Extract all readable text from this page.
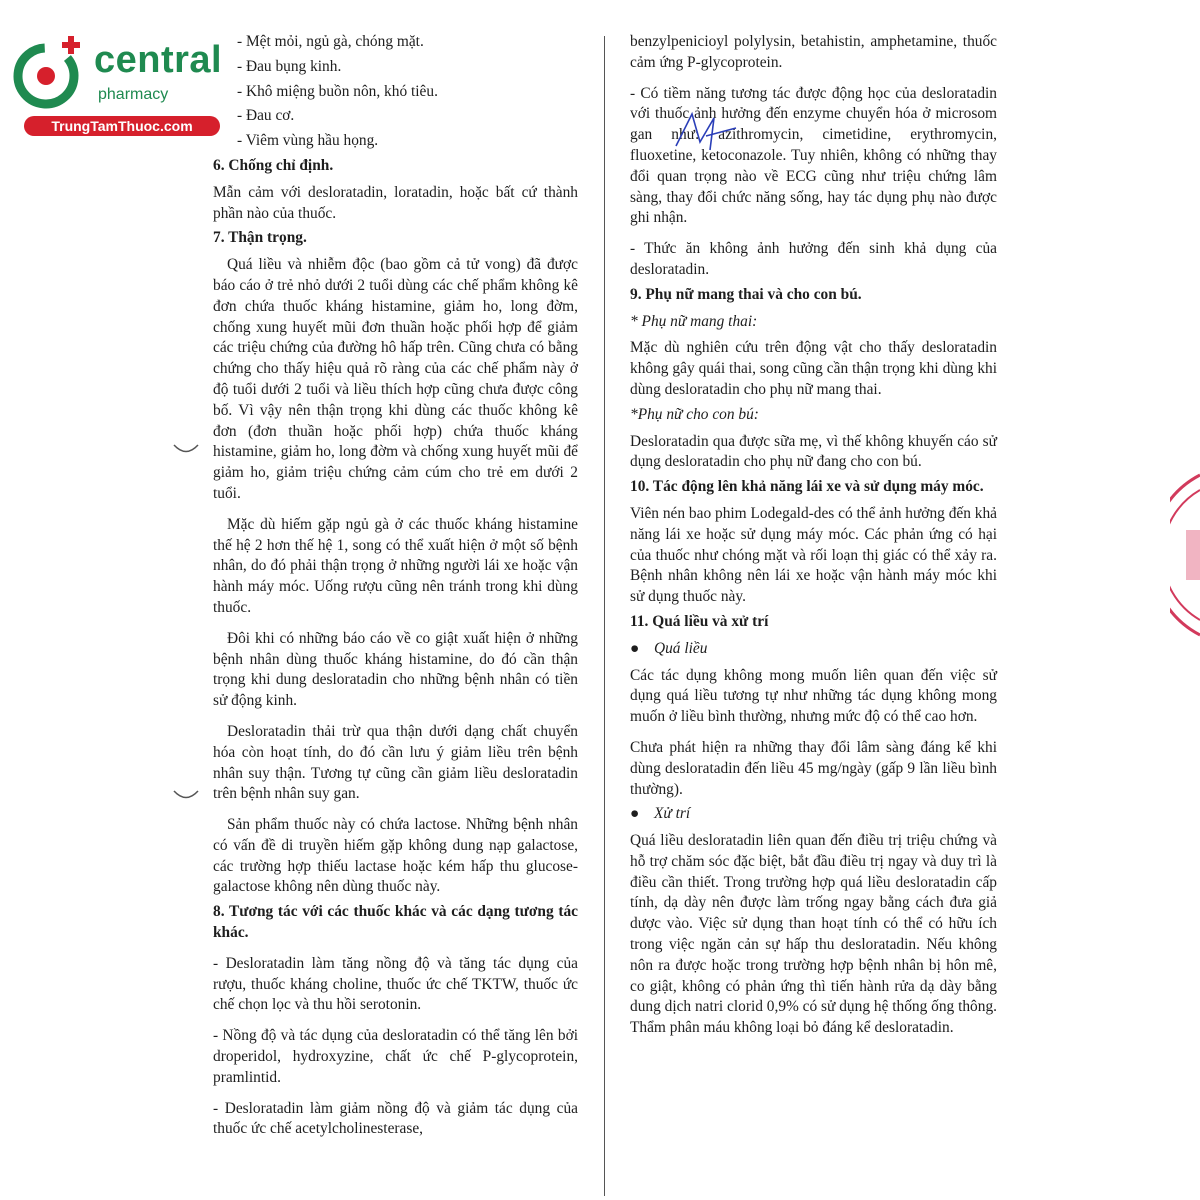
central
pharmacy
TrungTamThuoc.com
- Mệt mỏi, ngủ gà, chóng mặt.
- Đau bụng kinh.
- Khô miệng buồn nôn, khó tiêu.
- Đau cơ.
- Viêm vùng hầu họng.
6. Chống chỉ định.
Mẫn cảm với desloratadin, loratadin, hoặc bất cứ thành phần nào của thuốc.
7. Thận trọng.
Quá liều và nhiễm độc (bao gồm cả tử vong) đã được báo cáo ở trẻ nhỏ dưới 2 tuổi dùng các chế phẩm không kê đơn chứa thuốc kháng histamine, giảm ho, long đờm, chống xung huyết mũi đơn thuần hoặc phối hợp để giảm các triệu chứng của đường hô hấp trên. Cũng chưa có bằng chứng cho thấy hiệu quả rõ ràng của các chế phẩm này ở độ tuổi dưới 2 tuổi và liều thích hợp cũng chưa được công bố. Vì vậy nên thận trọng khi dùng các thuốc không kê đơn (đơn thuần hoặc phối hợp) chứa thuốc kháng histamine, giảm ho, long đờm và chống xung huyết mũi để giảm ho, giảm triệu chứng cảm cúm cho trẻ em dưới 2 tuổi.
Mặc dù hiếm gặp ngủ gà ở các thuốc kháng histamine thế hệ 2 hơn thế hệ 1, song có thể xuất hiện ở một số bệnh nhân, do đó phải thận trọng ở những người lái xe hoặc vận hành máy móc. Uống rượu cũng nên tránh trong khi dùng thuốc.
Đôi khi có những báo cáo về co giật xuất hiện ở những bệnh nhân dùng thuốc kháng histamine, do đó cần thận trọng khi dung desloratadin cho những bệnh nhân có tiền sử động kinh.
Desloratadin thải trừ qua thận dưới dạng chất chuyển hóa còn hoạt tính, do đó cần lưu ý giảm liều trên bệnh nhân suy thận. Tương tự cũng cần giảm liều desloratadin trên bệnh nhân suy gan.
Sản phẩm thuốc này có chứa lactose. Những bệnh nhân có vấn đề di truyền hiếm gặp không dung nạp galactose, các trường hợp thiếu lactase hoặc kém hấp thu glucose-galactose không nên dùng thuốc này.
8. Tương tác với các thuốc khác và các dạng tương tác khác.
- Desloratadin làm tăng nồng độ và tăng tác dụng của rượu, thuốc kháng choline, thuốc ức chế TKTW, thuốc ức chế chọn lọc và thu hồi serotonin.
- Nồng độ và tác dụng của desloratadin có thể tăng lên bởi droperidol, hydroxyzine, chất ức chế P-glycoprotein, pramlintid.
- Desloratadin làm giảm nồng độ và giảm tác dụng của thuốc ức chế acetylcholinesterase,
benzylpenicioyl polylysin, betahistin, amphetamine, thuốc cảm ứng P-glycoprotein.
- Có tiềm năng tương tác được động học của desloratadin với thuốc ảnh hưởng đến enzyme chuyển hóa ở microsom gan như: azithromycin, cimetidine, erythromycin, fluoxetine, ketoconazole. Tuy nhiên, không có những thay đổi quan trọng nào về ECG cũng như triệu chứng lâm sàng, thay đổi chức năng sống, hay tác dụng phụ nào được ghi nhận.
- Thức ăn không ảnh hưởng đến sinh khả dụng của desloratadin.
9. Phụ nữ mang thai và cho con bú.
* Phụ nữ mang thai:
Mặc dù nghiên cứu trên động vật cho thấy desloratadin không gây quái thai, song cũng cần thận trọng khi dùng khi dùng desloratadin cho phụ nữ mang thai.
*Phụ nữ cho con bú:
Desloratadin qua được sữa mẹ, vì thế không khuyến cáo sử dụng desloratadin cho phụ nữ đang cho con bú.
10. Tác động lên khả năng lái xe và sử dụng máy móc.
Viên nén bao phim Lodegald-des có thể ảnh hưởng đến khả năng lái xe hoặc sử dụng máy móc. Các phản ứng có hại của thuốc như chóng mặt và rối loạn thị giác có thể xảy ra. Bệnh nhân không nên lái xe hoặc vận hành máy móc khi sử dụng thuốc này.
11. Quá liều và xử trí
● Quá liều
Các tác dụng không mong muốn liên quan đến việc sử dụng quá liều tương tự như những tác dụng không mong muốn ở liều bình thường, nhưng mức độ có thể cao hơn.
Chưa phát hiện ra những thay đổi lâm sàng đáng kể khi dùng desloratadin đến liều 45 mg/ngày (gấp 9 lần liều bình thường).
● Xử trí
Quá liều desloratadin liên quan đến điều trị triệu chứng và hỗ trợ chăm sóc đặc biệt, bắt đầu điều trị ngay và duy trì là điều cần thiết. Trong trường hợp quá liều desloratadin cấp tính, dạ dày nên được làm trống ngay bằng cách đưa giả dược vào. Việc sử dụng than hoạt tính có thể có hữu ích trong việc ngăn cản sự hấp thu desloratadin. Nếu không nôn ra được hoặc trong trường hợp bệnh nhân bị hôn mê, co giật, không có phản ứng thì tiến hành rửa dạ dày bằng dung dịch natri clorid 0,9% có sử dụng hệ thống ống thông. Thẩm phân máu không loại bỏ đáng kể desloratadin.
